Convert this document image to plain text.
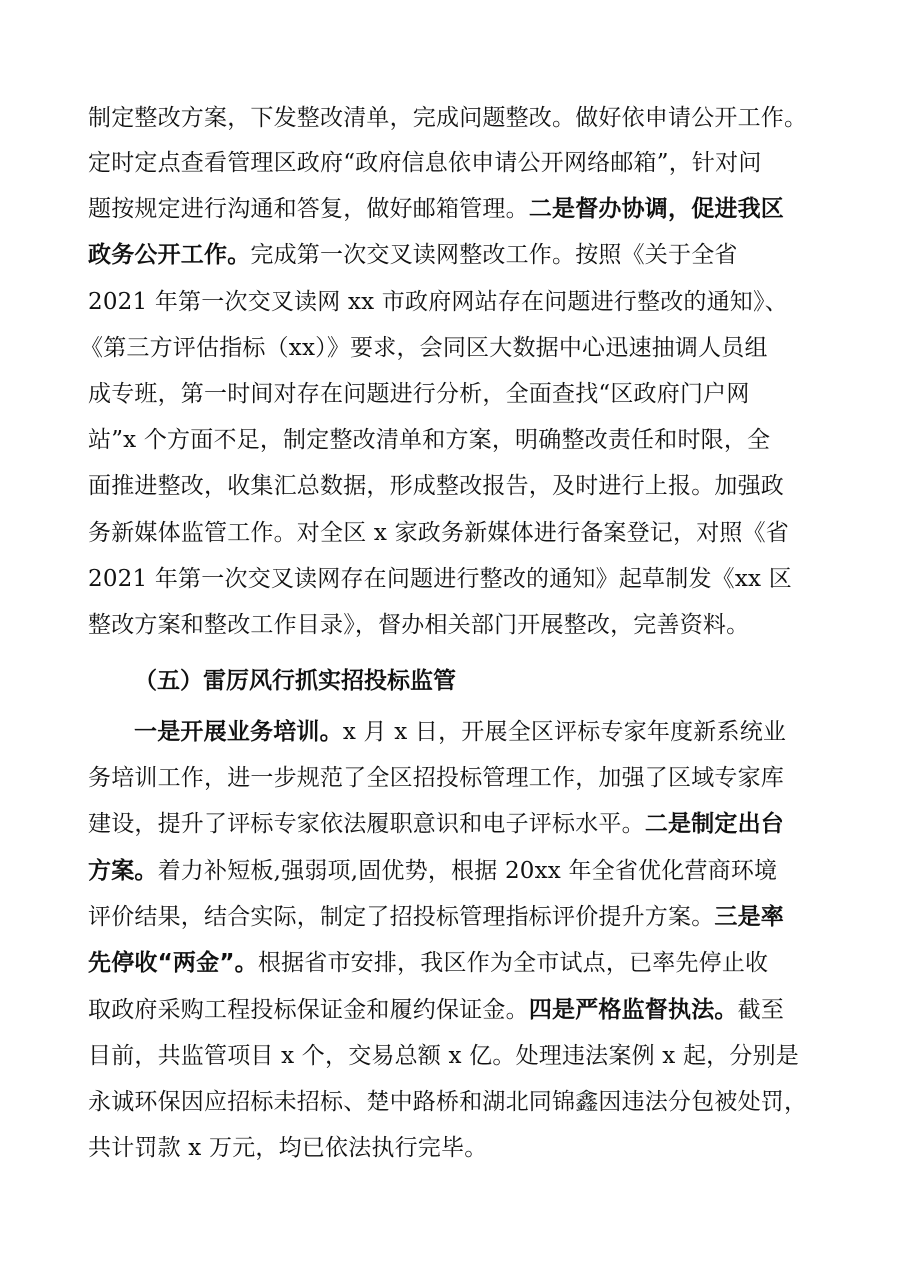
制定整改方案，下发整改清单，完成问题整改。做好依申请公开工作。
定时定点查看管理区政府“政府信息依申请公开网络邮箱”，针对问
题按规定进行沟通和答复，做好邮箱管理。二是督办协调，促进我区
政务公开工作。完成第一次交叉读网整改工作。按照《关于全省
2021 年第一次交叉读网 xx 市政府网站存在问题进行整改的通知》、
《第三方评估指标（xx）》要求，会同区大数据中心迅速抽调人员组
成专班，第一时间对存在问题进行分析，全面查找“区政府门户网
站”x 个方面不足，制定整改清单和方案，明确整改责任和时限，全
面推进整改，收集汇总数据，形成整改报告，及时进行上报。加强政
务新媒体监管工作。对全区 x 家政务新媒体进行备案登记，对照《省
2021 年第一次交叉读网存在问题进行整改的通知》起草制发《xx 区
整改方案和整改工作目录》，督办相关部门开展整改，完善资料。
（五）雷厉风行抓实招投标监管
一是开展业务培训。x 月 x 日，开展全区评标专家年度新系统业
务培训工作，进一步规范了全区招投标管理工作，加强了区域专家库
建设，提升了评标专家依法履职意识和电子评标水平。二是制定出台
方案。着力补短板,强弱项,固优势，根据 20xx 年全省优化营商环境
评价结果，结合实际，制定了招投标管理指标评价提升方案。三是率
先停收“两金”。根据省市安排，我区作为全市试点，已率先停止收
取政府采购工程投标保证金和履约保证金。四是严格监督执法。截至
目前，共监管项目 x 个，交易总额 x 亿。处理违法案例 x 起，分别是
永诚环保因应招标未招标、楚中路桥和湖北同锦鑫因违法分包被处罚，
共计罚款 x 万元，均已依法执行完毕。
